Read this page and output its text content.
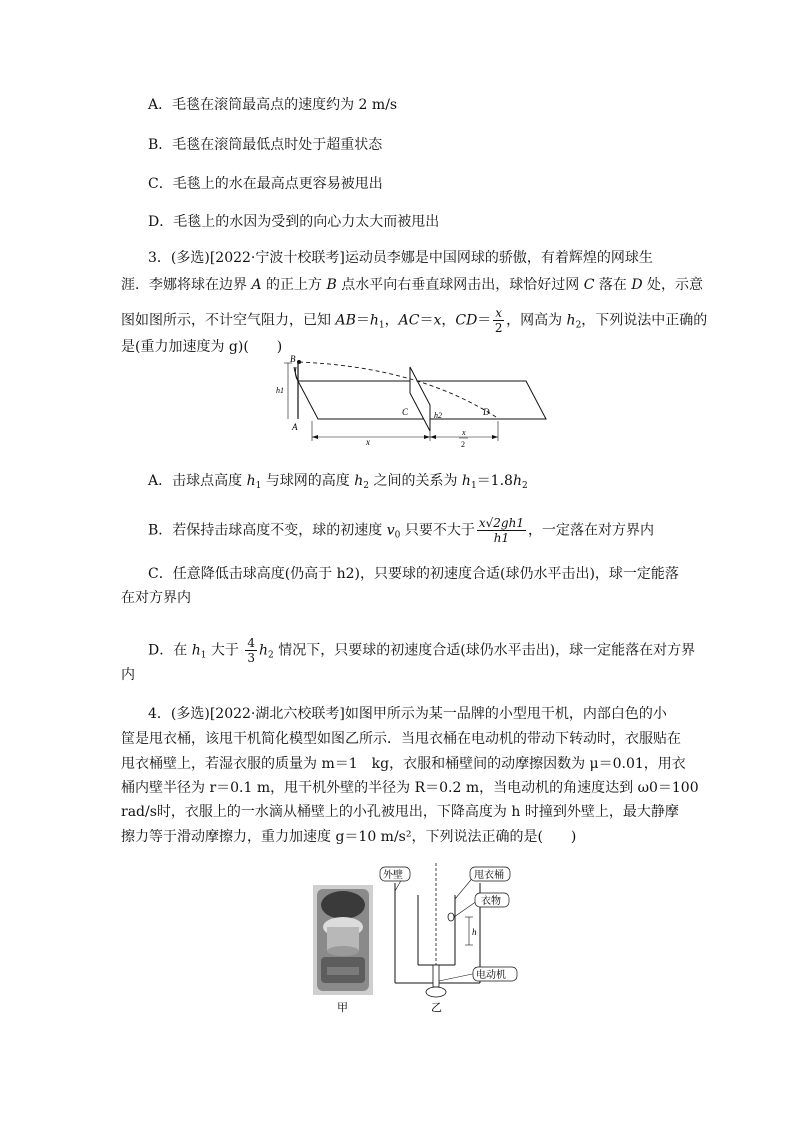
A．毛毯在滚筒最高点的速度约为 2 m/s
B．毛毯在滚筒最低点时处于超重状态
C．毛毯上的水在最高点更容易被甩出
D．毛毯上的水因为受到的向心力太大而被甩出
3．(多选)[2022·宁波十校联考]运动员李娜是中国网球的骄傲，有着辉煌的网球生
涯．李娜将球在边界 A 的正上方 B 点水平向右垂直球网击出，球恰好过网 C 落在 D 处，示意
图如图所示，不计空气阻力，已知 $AB=h_1$，AC＝x，$CD= \frac{x}{2}$ ，网高为 $h_2$，下列说法中正确的
是(重力加速度为 g)(　　)
B
A
h1
C	h2	D
x
x
2
A．击球点高度 $h_1$ 与球网的高度 $h_2$ 之间的关系为 $h_1=1.8h_2$
B．若保持击球高度不变，球的初速度 $v_0$ 只要不大于 $\frac{x√2gh1}{h1}$ ，一定落在对方界内
C．任意降低击球高度(仍高于 h2)，只要球的初速度合适(球仍水平击出)，球一定能落
在对方界内
D．在 $h_1$ 大于 $\frac{4}{3} h_2$ 情况下，只要球的初速度合适(球仍水平击出)，球一定能落在对方界
内
4．(多选)[2022·湖北六校联考]如图甲所示为某一品牌的小型甩干机，内部白色的小
筐是甩衣桶，该甩干机简化模型如图乙所示．当甩衣桶在电动机的带动下转动时，衣服贴在
甩衣桶壁上，若湿衣服的质量为 m＝1　kg，衣服和桶壁间的动摩擦因数为 μ＝0.01，用衣
桶内壁半径为 r＝0.1 m，甩干机外壁的半径为 R＝0.2 m，当电动机的角速度达到 ω0＝100
rad/s时，衣服上的一水滴从桶壁上的小孔被甩出，下降高度为 h 时撞到外壁上，最大静摩
擦力等于滑动摩擦力，重力加速度 g＝10 m/s²，下列说法正确的是(　　)
外壁	甩衣桶
衣物
h
电动机
甲	乙
